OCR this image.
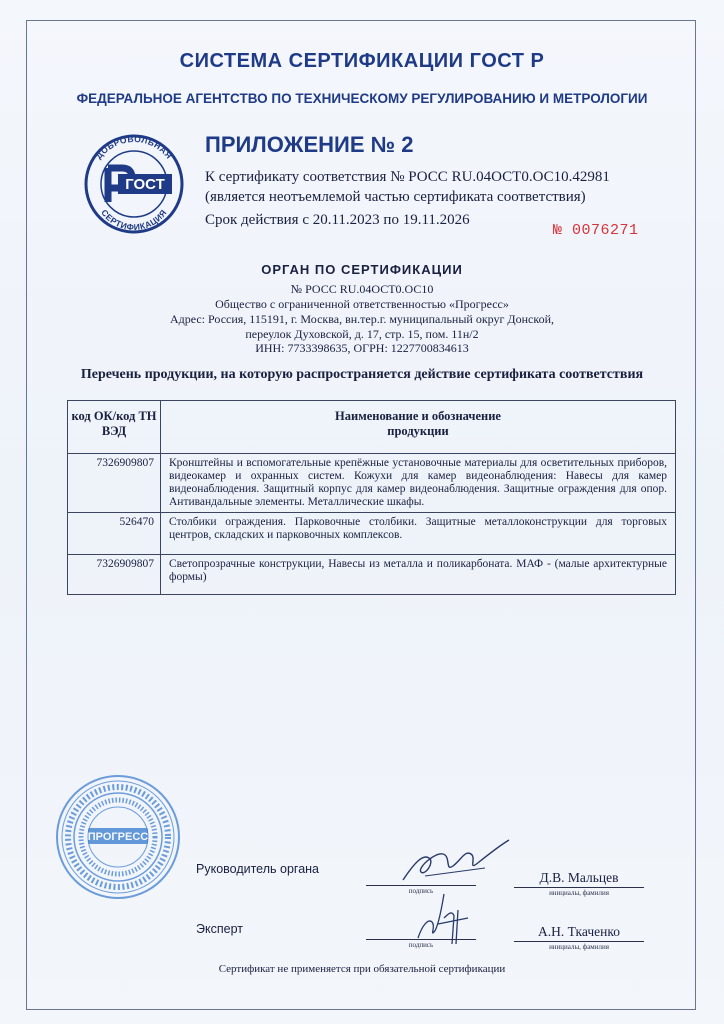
СИСТЕМА СЕРТИФИКАЦИИ ГОСТ Р
ФЕДЕРАЛЬНОЕ АГЕНТСТВО ПО ТЕХНИЧЕСКОМУ РЕГУЛИРОВАНИЮ И МЕТРОЛОГИИ
ДОБРОВОЛЬНАЯ
СЕРТИФИКАЦИЯ
ГОСТ
ПРИЛОЖЕНИЕ № 2
К сертификату соответствия № РОСС RU.04ОСТ0.ОС10.42981
(является неотъемлемой частью сертификата соответствия)
Срок действия с 20.11.2023 по 19.11.2026
№ 0076271
ОРГАН ПО СЕРТИФИКАЦИИ
№ РОСС RU.04ОСТ0.ОС10
Общество с ограниченной ответственностью «Прогресс»
Адрес: Россия, 115191, г. Москва, вн.тер.г. муниципальный округ Донской,
переулок Духовской, д. 17, стр. 15, пом. 11н/2
ИНН: 7733398635, ОГРН: 1227700834613
Перечень продукции, на которую распространяется действие сертификата соответствия
код ОК/код ТН ВЭД	Наименование и обозначение продукции
7326909807	Кронштейны и вспомогательные крепёжные установочные материалы для осветительных приборов, видеокамер и охранных систем. Кожухи для камер видеонаблюдения: Навесы для камер видеонаблюдения. Защитный корпус для камер видеонаблюдения. Защитные ограждения для опор. Антивандальные элементы. Металлические шкафы.
526470	Столбики ограждения. Парковочные столбики. Защитные металлоконструкции для торговых центров, складских и парковочных комплексов.
7326909807	Светопрозрачные конструкции, Навесы из металла и поликарбоната. МАФ - (малые архитектурные формы)
ПРОГРЕСС
Руководитель органа
подпись
Д.В. Мальцев
инициалы, фамилия
Эксперт
подпись
А.Н. Ткаченко
инициалы, фамилия
Сертификат не применяется при обязательной сертификации
